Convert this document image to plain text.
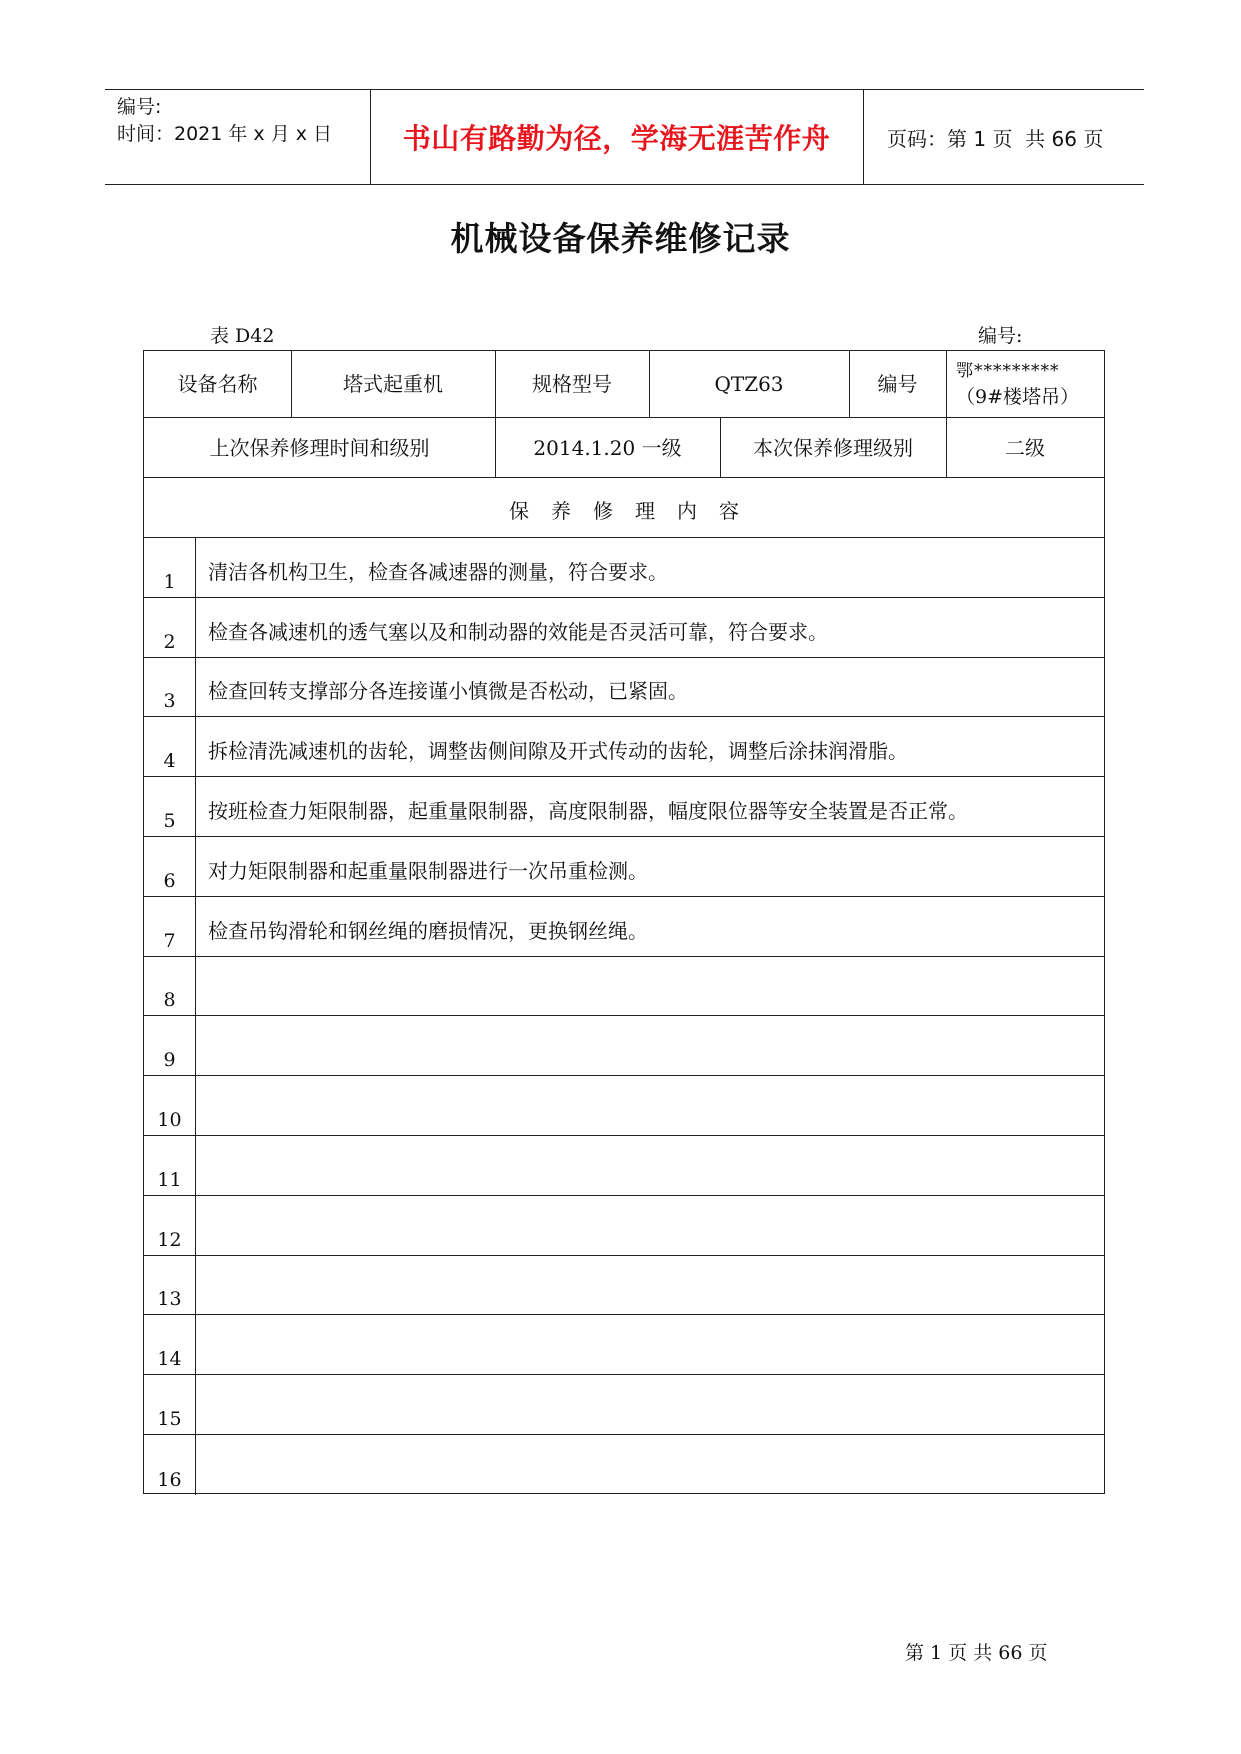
编号:
时间：2021 年 x 月 x 日	书山有路勤为径，学海无涯苦作舟	页码：第 1 页  共 66 页
机械设备保养维修记录
表 D42	编号:
设备名称	塔式起重机	规格型号	QTZ63	编号
鄂*********
（9#楼塔吊）
上次保养修理时间和级别	2014.1.20 一级	本次保养修理级别	二级
保养修理内容
1	清洁各机构卫生，检查各减速器的测量，符合要求。
2	检查各减速机的透气塞以及和制动器的效能是否灵活可靠，符合要求。
3	检查回转支撑部分各连接谨小慎微是否松动，已紧固。
4	拆检清洗减速机的齿轮，调整齿侧间隙及开式传动的齿轮，调整后涂抹润滑脂。
5	按班检查力矩限制器，起重量限制器，高度限制器，幅度限位器等安全装置是否正常。
6	对力矩限制器和起重量限制器进行一次吊重检测。
7	检查吊钩滑轮和钢丝绳的磨损情况，更换钢丝绳。
8
9
10
11
12
13
14
15
16
第 1 页 共 66 页
